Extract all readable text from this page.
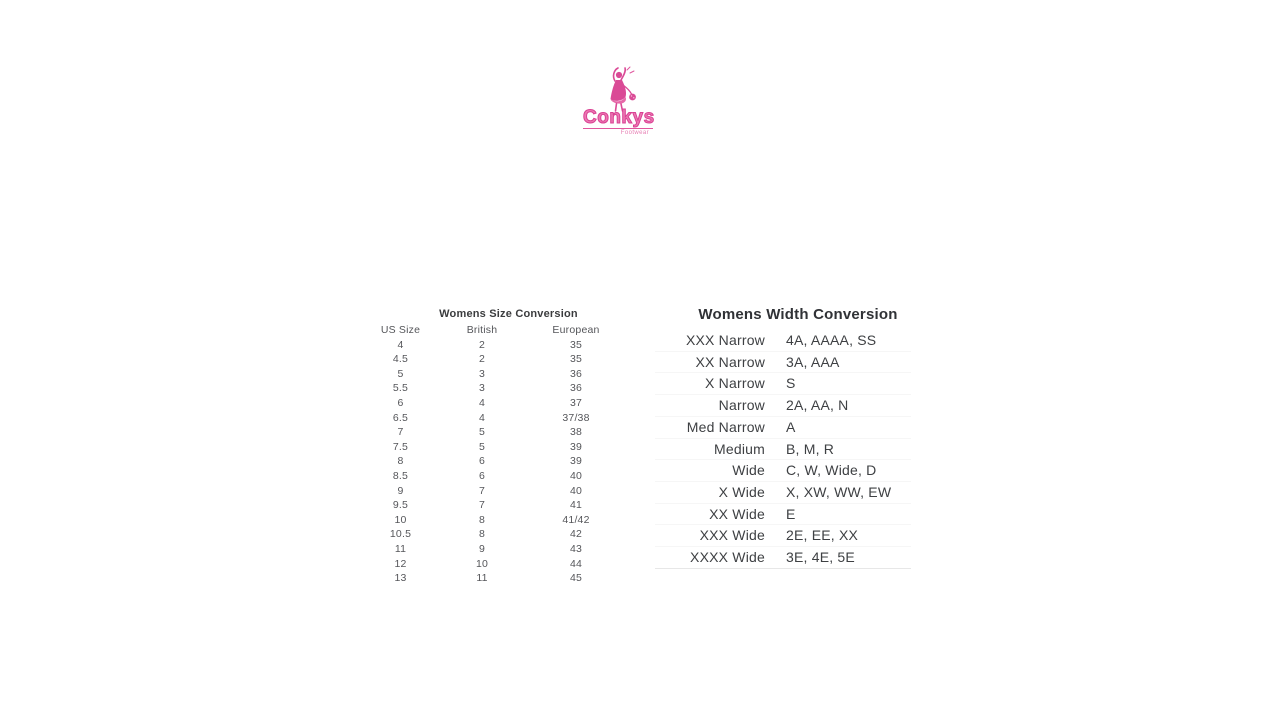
Conkys
Footwear
Womens Size Conversion
US Size	British	European
4	2	35
4.5	2	35
5	3	36
5.5	3	36
6	4	37
6.5	4	37/38
7	5	38
7.5	5	39
8	6	39
8.5	6	40
9	7	40
9.5	7	41
10	8	41/42
10.5	8	42
11	9	43
12	10	44
13	11	45
Womens Width Conversion
XXX Narrow	4A, AAAA, SS
XX Narrow	3A, AAA
X Narrow	S
Narrow	2A, AA, N
Med Narrow	A
Medium	B, M, R
Wide	C, W, Wide, D
X Wide	X, XW, WW, EW
XX Wide	E
XXX Wide	2E, EE, XX
XXXX Wide	3E, 4E, 5E
